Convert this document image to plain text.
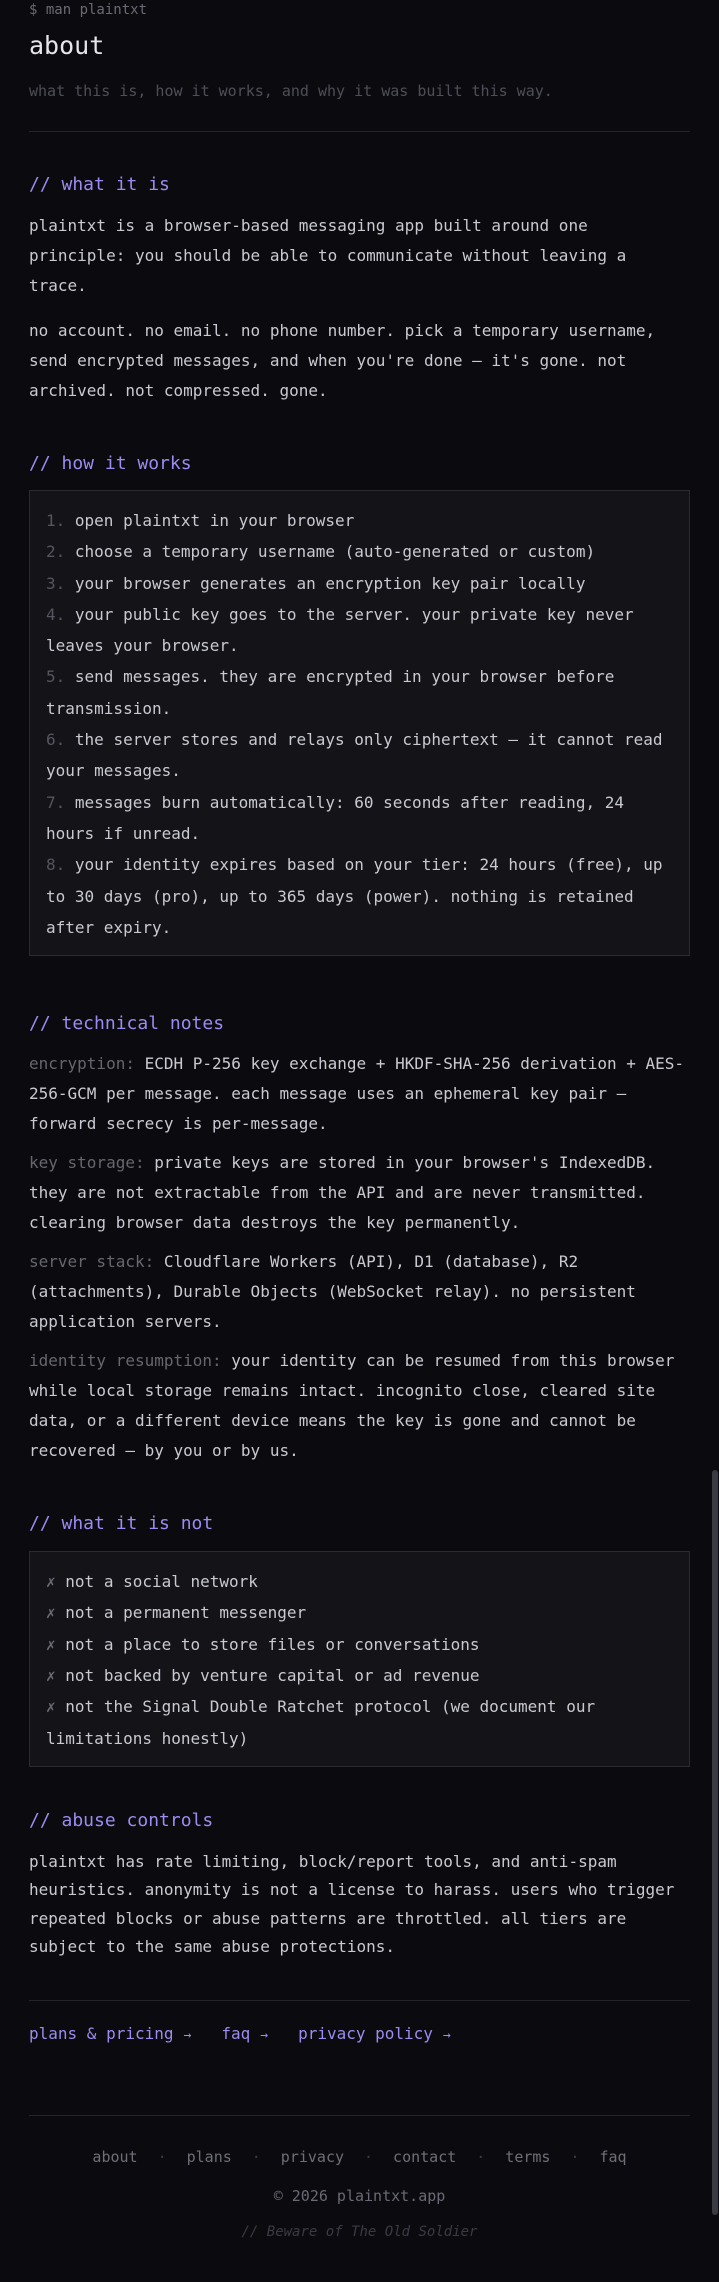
$ man plaintxt
about
what this is, how it works, and why it was built this way.
// what it is

plaintxt is a browser-based messaging app built around one principle: you should be able to communicate without leaving a trace.

no account. no email. no phone number. pick a temporary username, send encrypted messages, and when you're done — it's gone. not archived. not compressed. gone.

// how it works
1. open plaintxt in your browser
2. choose a temporary username (auto-generated or custom)
3. your browser generates an encryption key pair locally
4. your public key goes to the server. your private key never leaves your browser.
5. send messages. they are encrypted in your browser before transmission.
6. the server stores and relays only ciphertext — it cannot read your messages.
7. messages burn automatically: 60 seconds after reading, 24 hours if unread.
8. your identity expires based on your tier: 24 hours (free), up to 30 days (pro), up to 365 days (power). nothing is retained after expiry.
// technical notes

encryption: ECDH P-256 key exchange + HKDF-SHA-256 derivation + AES-256-GCM per message. each message uses an ephemeral key pair — forward secrecy is per-message.

key storage: private keys are stored in your browser's IndexedDB. they are not extractable from the API and are never transmitted. clearing browser data destroys the key permanently.

server stack: Cloudflare Workers (API), D1 (database), R2 (attachments), Durable Objects (WebSocket relay). no persistent application servers.

identity resumption: your identity can be resumed from this browser while local storage remains intact. incognito close, cleared site data, or a different device means the key is gone and cannot be recovered — by you or by us.

// what it is not
✗ not a social network
✗ not a permanent messenger
✗ not a place to store files or conversations
✗ not backed by venture capital or ad revenue
✗ not the Signal Double Ratchet protocol (we document our limitations honestly)
// abuse controls

plaintxt has rate limiting, block/report tools, and anti-spam heuristics. anonymity is not a license to harass. users who trigger repeated blocks or abuse patterns are throttled. all tiers are subject to the same abuse protections.

plans & pricing → faq → privacy policy →
about · plans · privacy · contact · terms · faq
© 2026 plaintxt.app
// Beware of The Old Soldier
